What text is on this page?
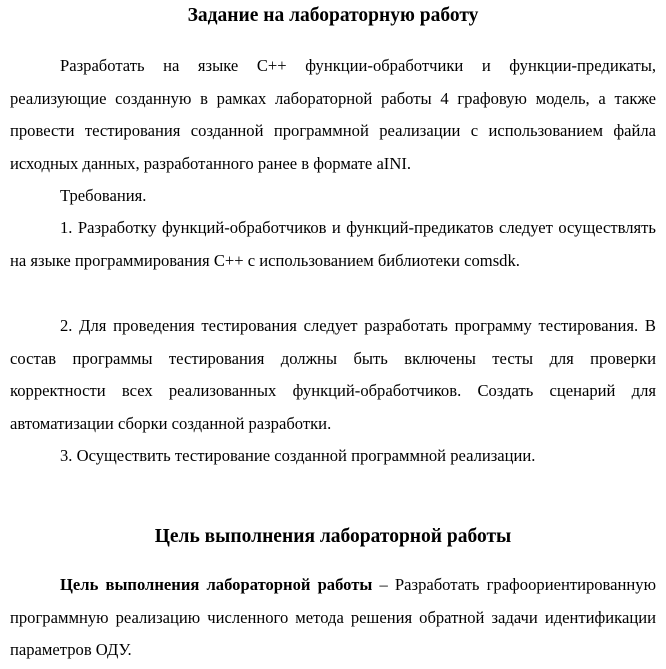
Задание на лабораторную работу

Разработать на языке С++ функции-обработчики и функции-предикаты, реализующие созданную в рамках лабораторной работы 4 графовую модель, а также провести тестирования созданной программной реализации с использованием файла исходных данных, разработанного ранее в формате aINI.

Требования.

1. Разработку функций-обработчиков и функций-предикатов следует осуществлять на языке программирования С++ с использованием библиотеки comsdk.

2. Для проведения тестирования следует разработать программу тестирования. В состав программы тестирования должны быть включены тесты для проверки корректности всех реализованных функций-обработчиков. Создать сценарий для автоматизации сборки созданной разработки.

3. Осуществить тестирование созданной программной реализации.

Цель выполнения лабораторной работы

Цель выполнения лабораторной работы – Разработать графоориентированную программную реализацию численного метода решения обратной задачи идентификации параметров ОДУ.
